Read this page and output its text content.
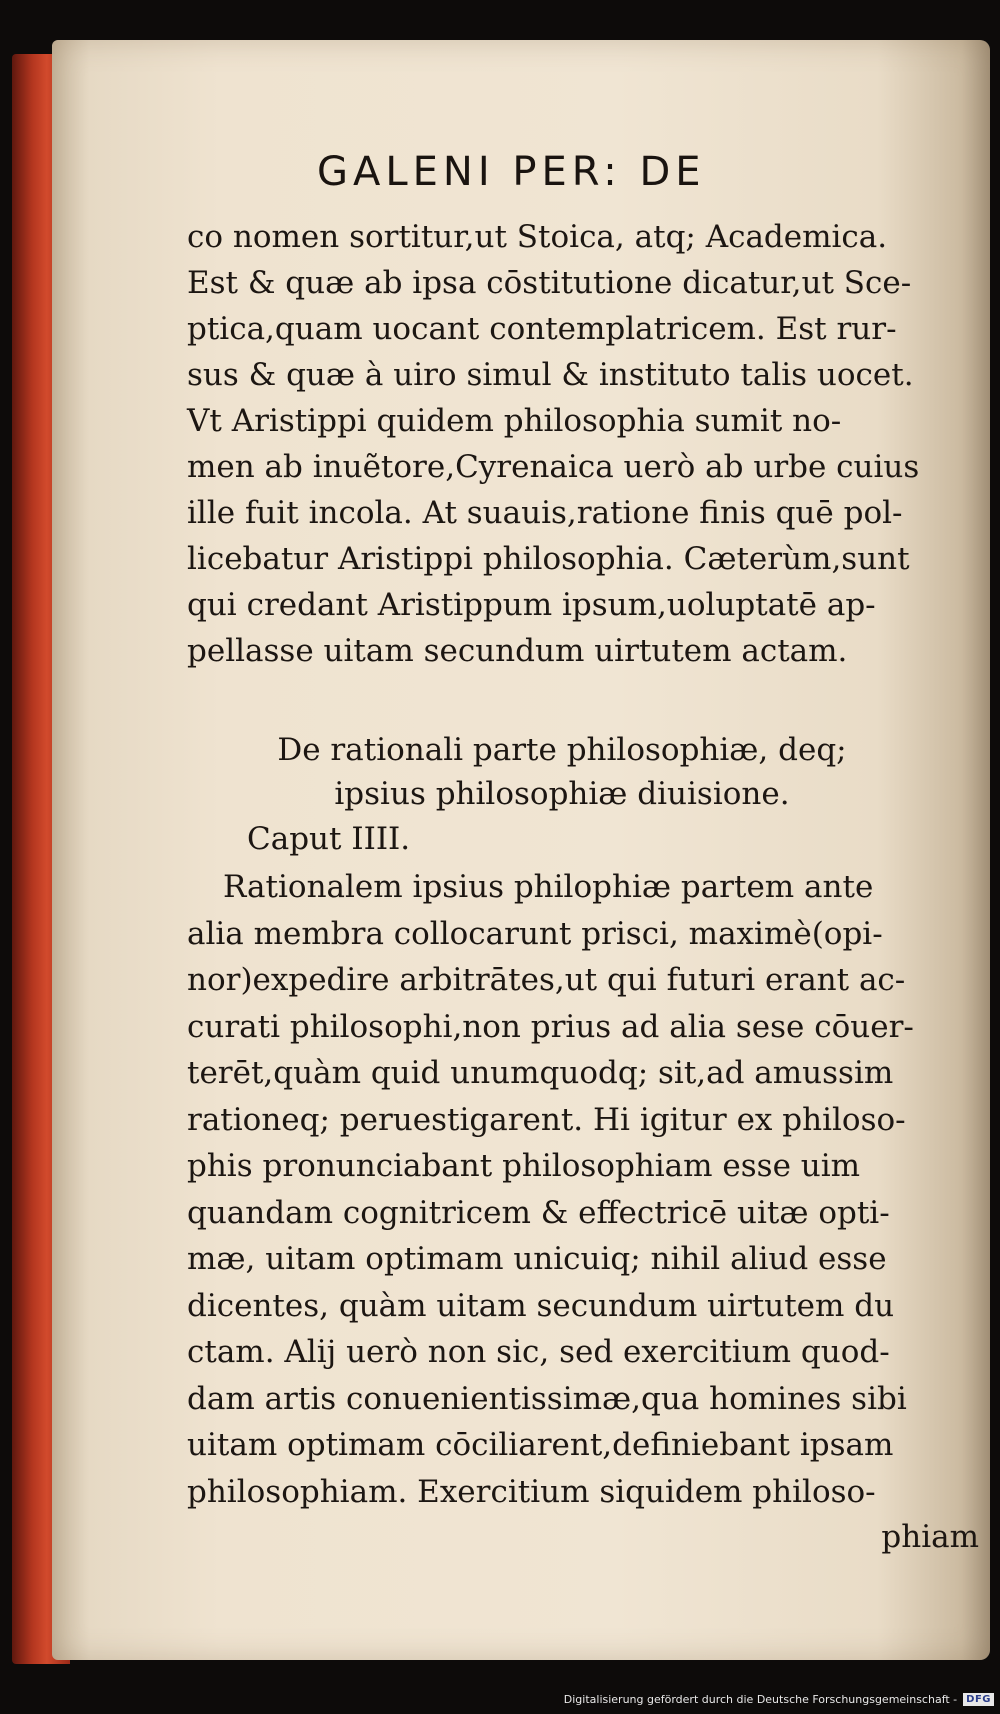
GALENI PER: DE

co nomen sortitur,ut Stoica, atq; Academica.

Est & quæ ab ipsa cōstitutione dicatur,ut Sce-

ptica,quam uocant contemplatricem. Est rur-

sus & quæ à uiro simul & instituto talis uocet.

Vt Aristippi quidem philosophia sumit no-

men ab inuẽtore,Cyrenaica uerò ab urbe cuius

ille fuit incola. At suauis,ratione finis quē pol-

licebatur Aristippi philosophia. Cæterùm,sunt

qui credant Aristippum ipsum,uoluptatē ap-

pellasse uitam secundum uirtutem actam.

De rationali parte philosophiæ, deq;

ipsius philosophiæ diuisione.

Caput IIII.

Rationalem ipsius philophiæ partem ante

alia membra collocarunt prisci, maximè(opi-

nor)expedire arbitrātes,ut qui futuri erant ac-

curati philosophi,non prius ad alia sese cōuer-

terēt,quàm quid unumquodq; sit,ad amussim

rationeq; peruestigarent. Hi igitur ex philoso-

phis pronunciabant philosophiam esse uim

quandam cognitricem & effectricē uitæ opti-

mæ, uitam optimam unicuiq; nihil aliud esse

dicentes, quàm uitam secundum uirtutem du

ctam. Alij uerò non sic, sed exercitium quod-

dam artis conuenientissimæ,qua homines sibi

uitam optimam cōciliarent,definiebant ipsam

philosophiam. Exercitium siquidem philoso-

phiam

Digitalisierung gefördert durch die Deutsche Forschungsgemeinschaft - DFG
